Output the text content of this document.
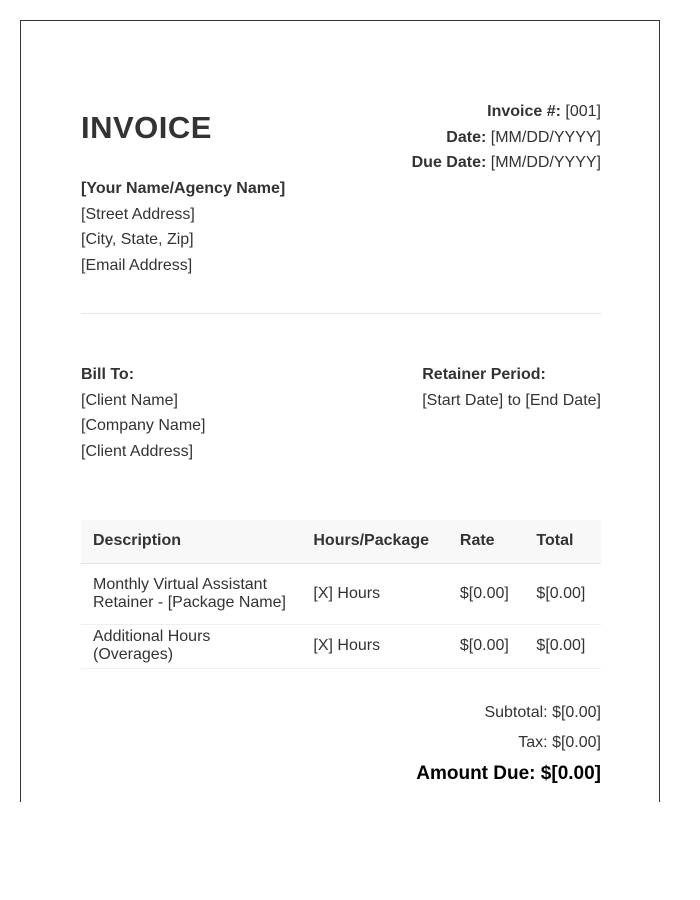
INVOICE	Invoice #: [001]
Date: [MM/DD/YYYY]
Due Date: [MM/DD/YYYY]
[Your Name/Agency Name]
[Street Address]
[City, State, Zip]
[Email Address]
Bill To:
[Client Name]
[Company Name]
[Client Address]
Retainer Period:
[Start Date] to [End Date]
Description	Hours/Package	Rate	Total
Monthly Virtual Assistant Retainer - [Package Name]	[X] Hours	$[0.00]	$[0.00]
Additional Hours (Overages)	[X] Hours	$[0.00]	$[0.00]
Subtotal: $[0.00]
Tax: $[0.00]
Amount Due: $[0.00]
